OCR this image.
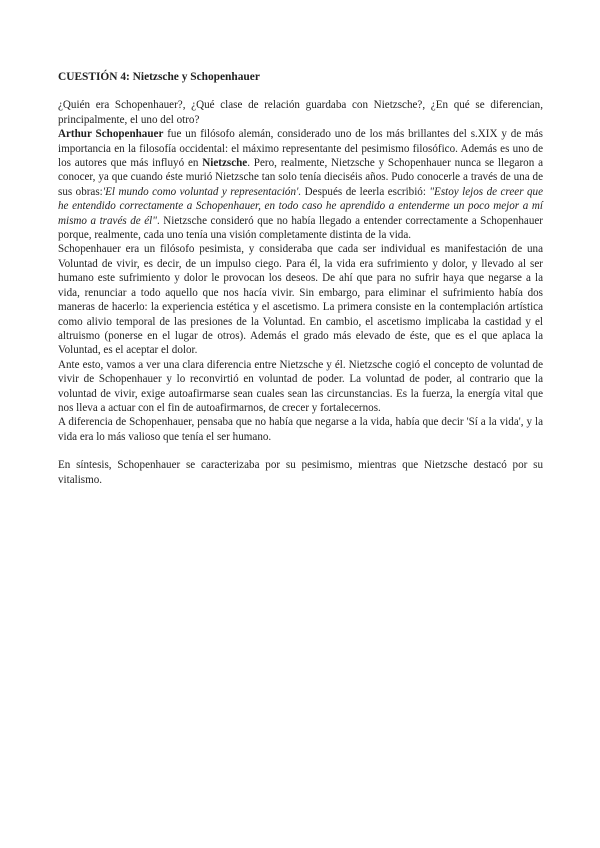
CUESTIÓN 4: Nietzsche y Schopenhauer

¿Quién era Schopenhauer?, ¿Qué clase de relación guardaba con Nietzsche?, ¿En qué se diferencian, principalmente, el uno del otro?

Arthur Schopenhauer fue un filósofo alemán, considerado uno de los más brillantes del s.XIX y de más importancia en la filosofía occidental: el máximo representante del pesimismo filosófico. Además es uno de los autores que más influyó en Nietzsche. Pero, realmente, Nietzsche y Schopenhauer nunca se llegaron a conocer, ya que cuando éste murió Nietzsche tan solo tenía dieciséis años. Pudo conocerle a través de una de sus obras:'El mundo como voluntad y representación'. Después de leerla escribió: "Estoy lejos de creer que he entendido correctamente a Schopenhauer, en todo caso he aprendido a entenderme un poco mejor a mí mismo a través de él". Nietzsche consideró que no había llegado a entender correctamente a Schopenhauer porque, realmente, cada uno tenía una visión completamente distinta de la vida.

Schopenhauer era un filósofo pesimista, y consideraba que cada ser individual es manifestación de una Voluntad de vivir, es decir, de un impulso ciego. Para él, la vida era sufrimiento y dolor, y llevado al ser humano este sufrimiento y dolor le provocan los deseos. De ahí que para no sufrir haya que negarse a la vida, renunciar a todo aquello que nos hacía vivir. Sin embargo, para eliminar el sufrimiento había dos maneras de hacerlo: la experiencia estética y el ascetismo. La primera consiste en la contemplación artística como alivio temporal de las presiones de la Voluntad. En cambio, el ascetismo implicaba la castidad y el altruismo (ponerse en el lugar de otros). Además el grado más elevado de éste, que es el que aplaca la Voluntad, es el aceptar el dolor.

Ante esto, vamos a ver una clara diferencia entre Nietzsche y él. Nietzsche cogió el concepto de voluntad de vivir de Schopenhauer y lo reconvirtió en voluntad de poder. La voluntad de poder, al contrario que la voluntad de vivir, exige autoafirmarse sean cuales sean las circunstancias. Es la fuerza, la energía vital que nos lleva a actuar con el fin de autoafirmarnos, de crecer y fortalecernos.

A diferencia de Schopenhauer, pensaba que no había que negarse a la vida, había que decir 'Sí a la vida', y la vida era lo más valioso que tenía el ser humano.

En síntesis, Schopenhauer se caracterizaba por su pesimismo, mientras que Nietzsche destacó por su vitalismo.
